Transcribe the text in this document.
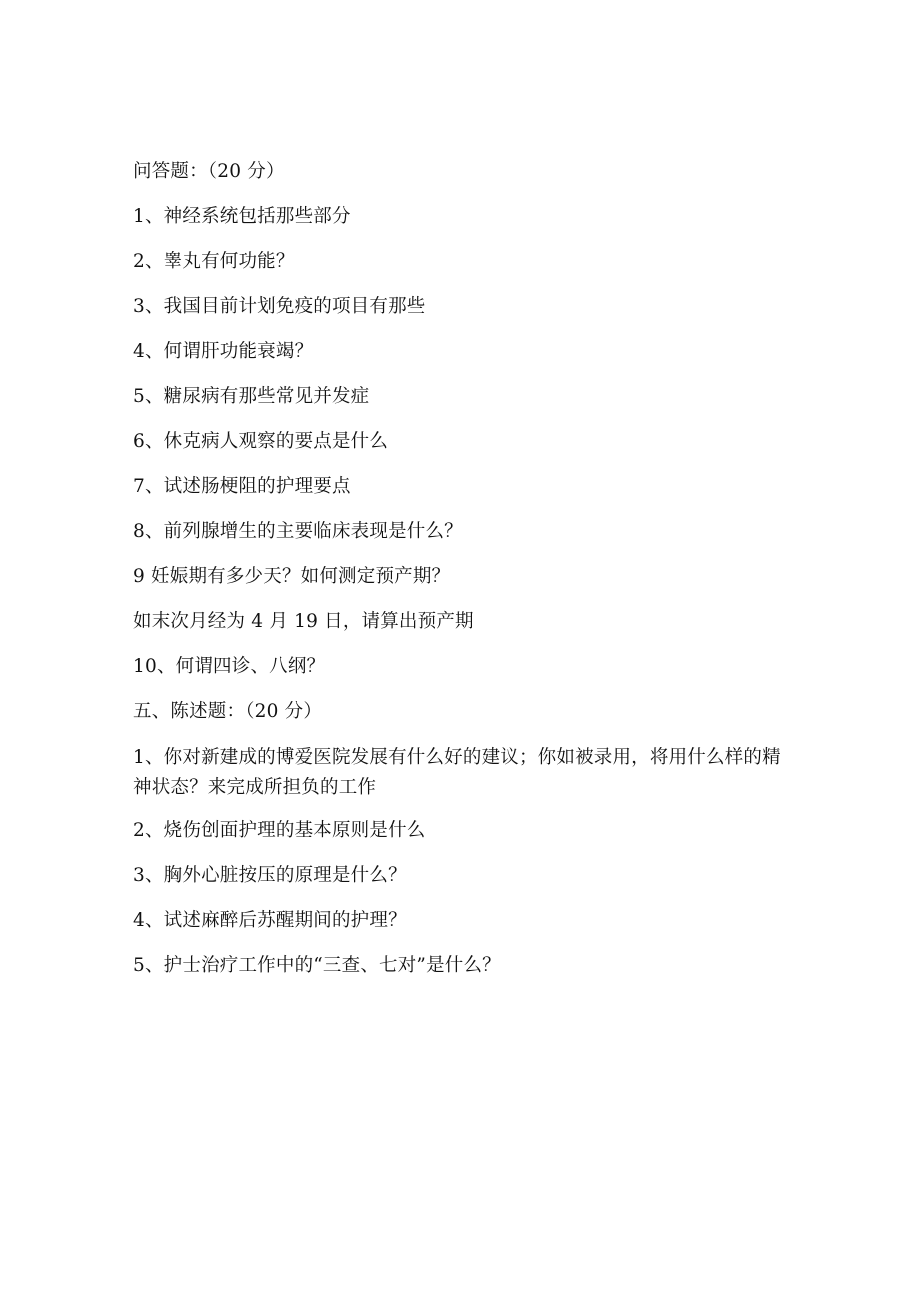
问答题：（20 分）
1、神经系统包括那些部分
2、睾丸有何功能？
3、我国目前计划免疫的项目有那些
4、何谓肝功能衰竭？
5、糖尿病有那些常见并发症
6、休克病人观察的要点是什么
7、试述肠梗阻的护理要点
8、前列腺增生的主要临床表现是什么？
9 妊娠期有多少天？如何测定预产期？
如末次月经为 4 月 19 日，请算出预产期
10、何谓四诊、八纲？
五、陈述题：（20 分）
1、你对新建成的博爱医院发展有什么好的建议；你如被录用，将用什么样的精神状态？来完成所担负的工作
2、烧伤创面护理的基本原则是什么
3、胸外心脏按压的原理是什么？
4、试述麻醉后苏醒期间的护理？
5、护士治疗工作中的“三查、七对”是什么？
